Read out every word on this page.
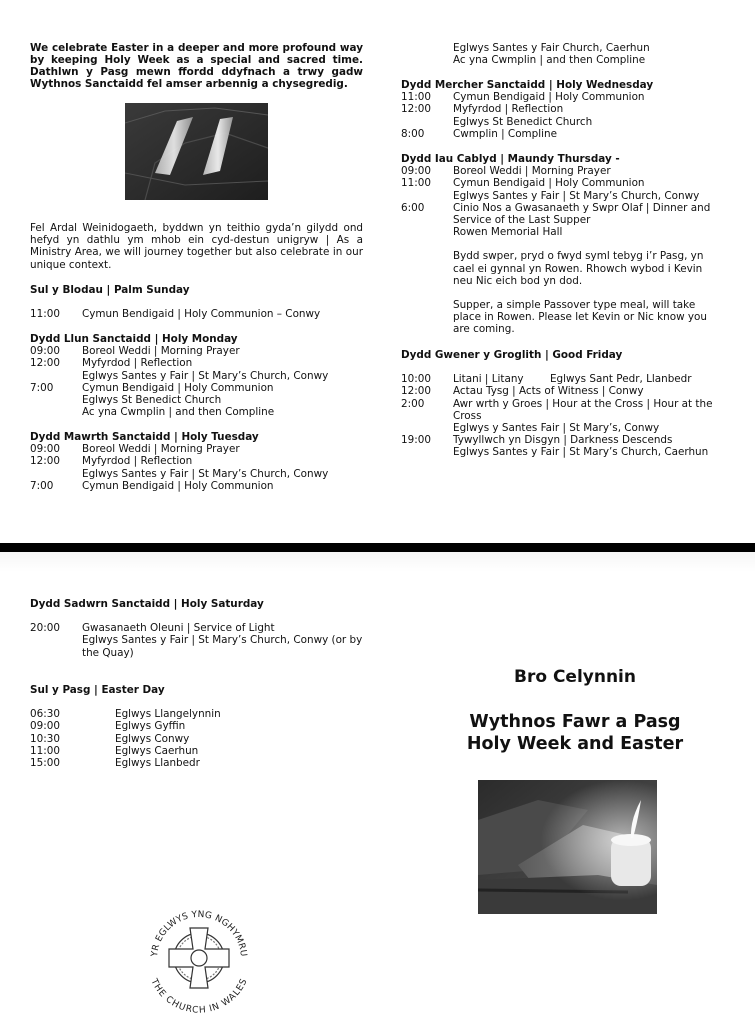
We celebrate Easter in a deeper and more profound way by keeping Holy Week as a special and sacred time. Dathlwn y Pasg mewn ffordd ddyfnach a trwy gadw Wythnos Sanctaidd fel amser arbennig a chysegredig.
Fel Ardal Weinidogaeth, byddwn yn teithio gyda’n gilydd ond hefyd yn dathlu ym mhob ein cyd-destun unigryw | As a Ministry Area, we will journey together but also celebrate in our unique context.
Sul y Blodau | Palm Sunday
11:00	Cymun Bendigaid | Holy Communion – Conwy
Dydd Llun Sanctaidd | Holy Monday
09:00	Boreol Weddi | Morning Prayer
12:00	Myfyrdod | Reflection
Eglwys Santes y Fair | St Mary’s Church, Conwy
7:00	Cymun Bendigaid | Holy Communion
Eglwys St Benedict Church
Ac yna Cwmplin | and then Compline
Dydd Mawrth Sanctaidd | Holy Tuesday
09:00	Boreol Weddi | Morning Prayer
12:00	Myfyrdod | Reflection
Eglwys Santes y Fair | St Mary’s Church, Conwy
7:00	Cymun Bendigaid | Holy Communion
Eglwys Santes y Fair Church, Caerhun
Ac yna Cwmplin | and then Compline
Dydd Mercher Sanctaidd | Holy Wednesday
11:00	Cymun Bendigaid | Holy Communion
12:00	Myfyrdod | Reflection
Eglwys St Benedict Church
8:00	Cwmplin | Compline
Dydd Iau Cablyd | Maundy Thursday -
09:00	Boreol Weddi | Morning Prayer
11:00	Cymun Bendigaid | Holy Communion
Eglwys Santes y Fair | St Mary’s Church, Conwy
6:00	Cinio Nos a Gwasanaeth y Swpr Olaf | Dinner and Service of the Last Supper
Rowen Memorial Hall
Bydd swper, pryd o fwyd syml tebyg i’r Pasg, yn cael ei gynnal yn Rowen. Rhowch wybod i Kevin neu Nic eich bod yn dod.
Supper, a simple Passover type meal, will take place in Rowen. Please let Kevin or Nic know you are coming.
Dydd Gwener y Groglith | Good Friday
10:00	Litani | Litany        Eglwys Sant Pedr, Llanbedr
12:00	Actau Tysg | Acts of Witness | Conwy
2:00	Awr wrth y Groes | Hour at the Cross | Hour at the Cross
Eglwys y Santes Fair | St Mary’s, Conwy
19:00	Tywyllwch yn Disgyn | Darkness Descends
Eglwys Santes y Fair | St Mary’s Church, Caerhun
Dydd Sadwrn Sanctaidd | Holy Saturday
20:00	Gwasanaeth Oleuni | Service of Light
Eglwys Santes y Fair | St Mary’s Church, Conwy (or by the Quay)
Sul y Pasg | Easter Day
06:30	Eglwys Llangelynnin
09:00	Eglwys Gyffin
10:30	Eglwys Conwy
11:00	Eglwys Caerhun
15:00	Eglwys Llanbedr
YR EGLWYS YNG NGHYMRU
THE CHURCH IN WALES
Bro Celynnin
Wythnos Fawr a Pasg
Holy Week and Easter
